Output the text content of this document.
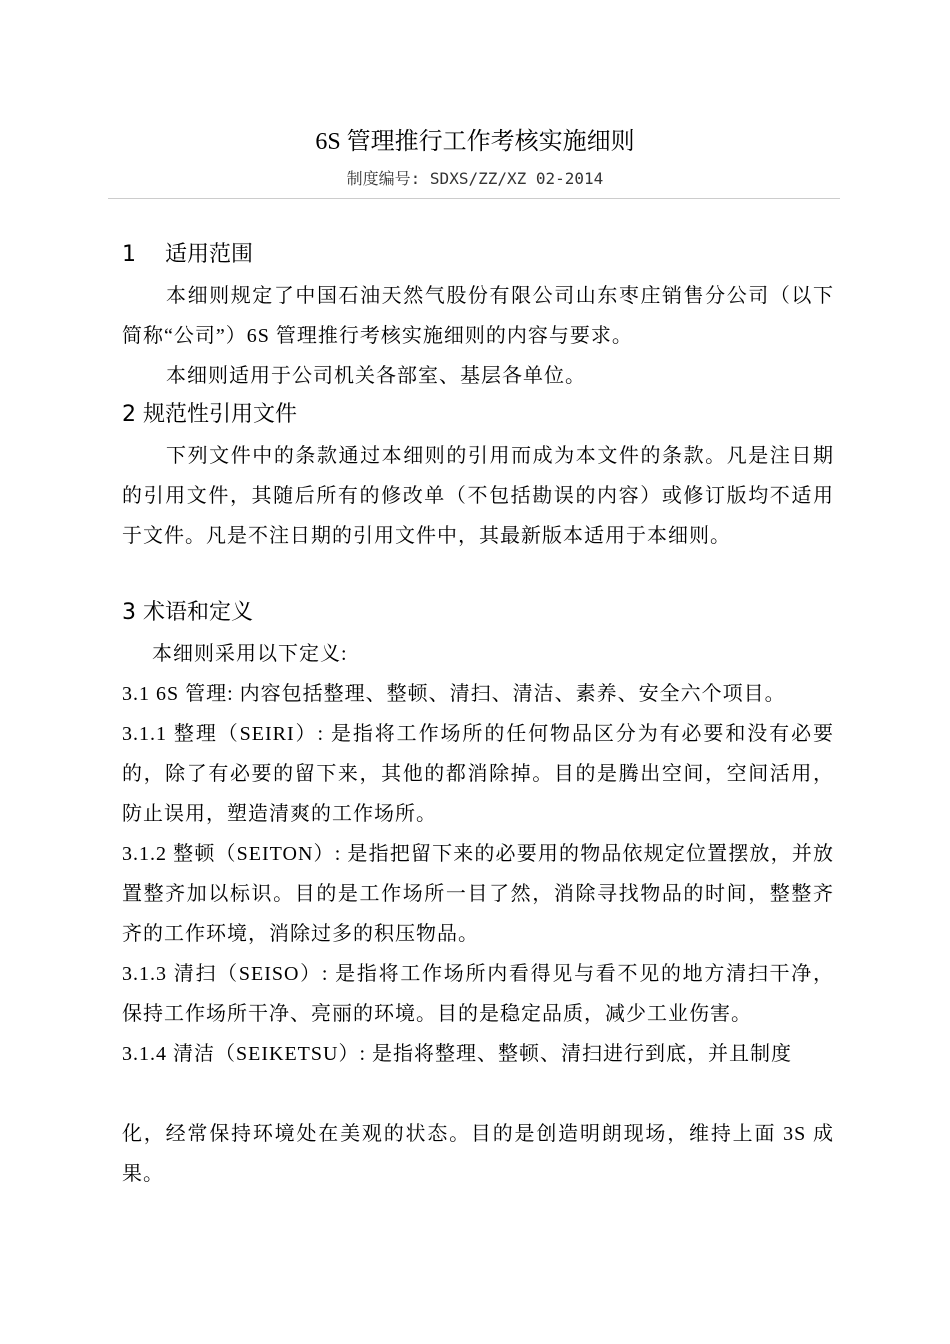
6S 管理推行工作考核实施细则
制度编号: SDXS/ZZ/XZ 02-2014
1　 适用范围
本细则规定了中国石油天然气股份有限公司山东枣庄销售分公司（以下简称“公司”）6S 管理推行考核实施细则的内容与要求。
本细则适用于公司机关各部室、基层各单位。
2 规范性引用文件
下列文件中的条款通过本细则的引用而成为本文件的条款。凡是注日期的引用文件，其随后所有的修改单（不包括勘误的内容）或修订版均不适用于文件。凡是不注日期的引用文件中，其最新版本适用于本细则。
3 术语和定义
本细则采用以下定义:
3.1 6S 管理: 内容包括整理、整顿、清扫、清洁、素养、安全六个项目。
3.1.1 整理（SEIRI）: 是指将工作场所的任何物品区分为有必要和没有必要的，除了有必要的留下来，其他的都消除掉。目的是腾出空间，空间活用，防止误用，塑造清爽的工作场所。
3.1.2 整顿（SEITON）: 是指把留下来的必要用的物品依规定位置摆放，并放置整齐加以标识。目的是工作场所一目了然，消除寻找物品的时间，整整齐齐的工作环境，消除过多的积压物品。
3.1.3 清扫（SEISO）: 是指将工作场所内看得见与看不见的地方清扫干净，保持工作场所干净、亮丽的环境。目的是稳定品质，减少工业伤害。
3.1.4 清洁（SEIKETSU）: 是指将整理、整顿、清扫进行到底，并且制度
化，经常保持环境处在美观的状态。目的是创造明朗现场，维持上面 3S 成果。
